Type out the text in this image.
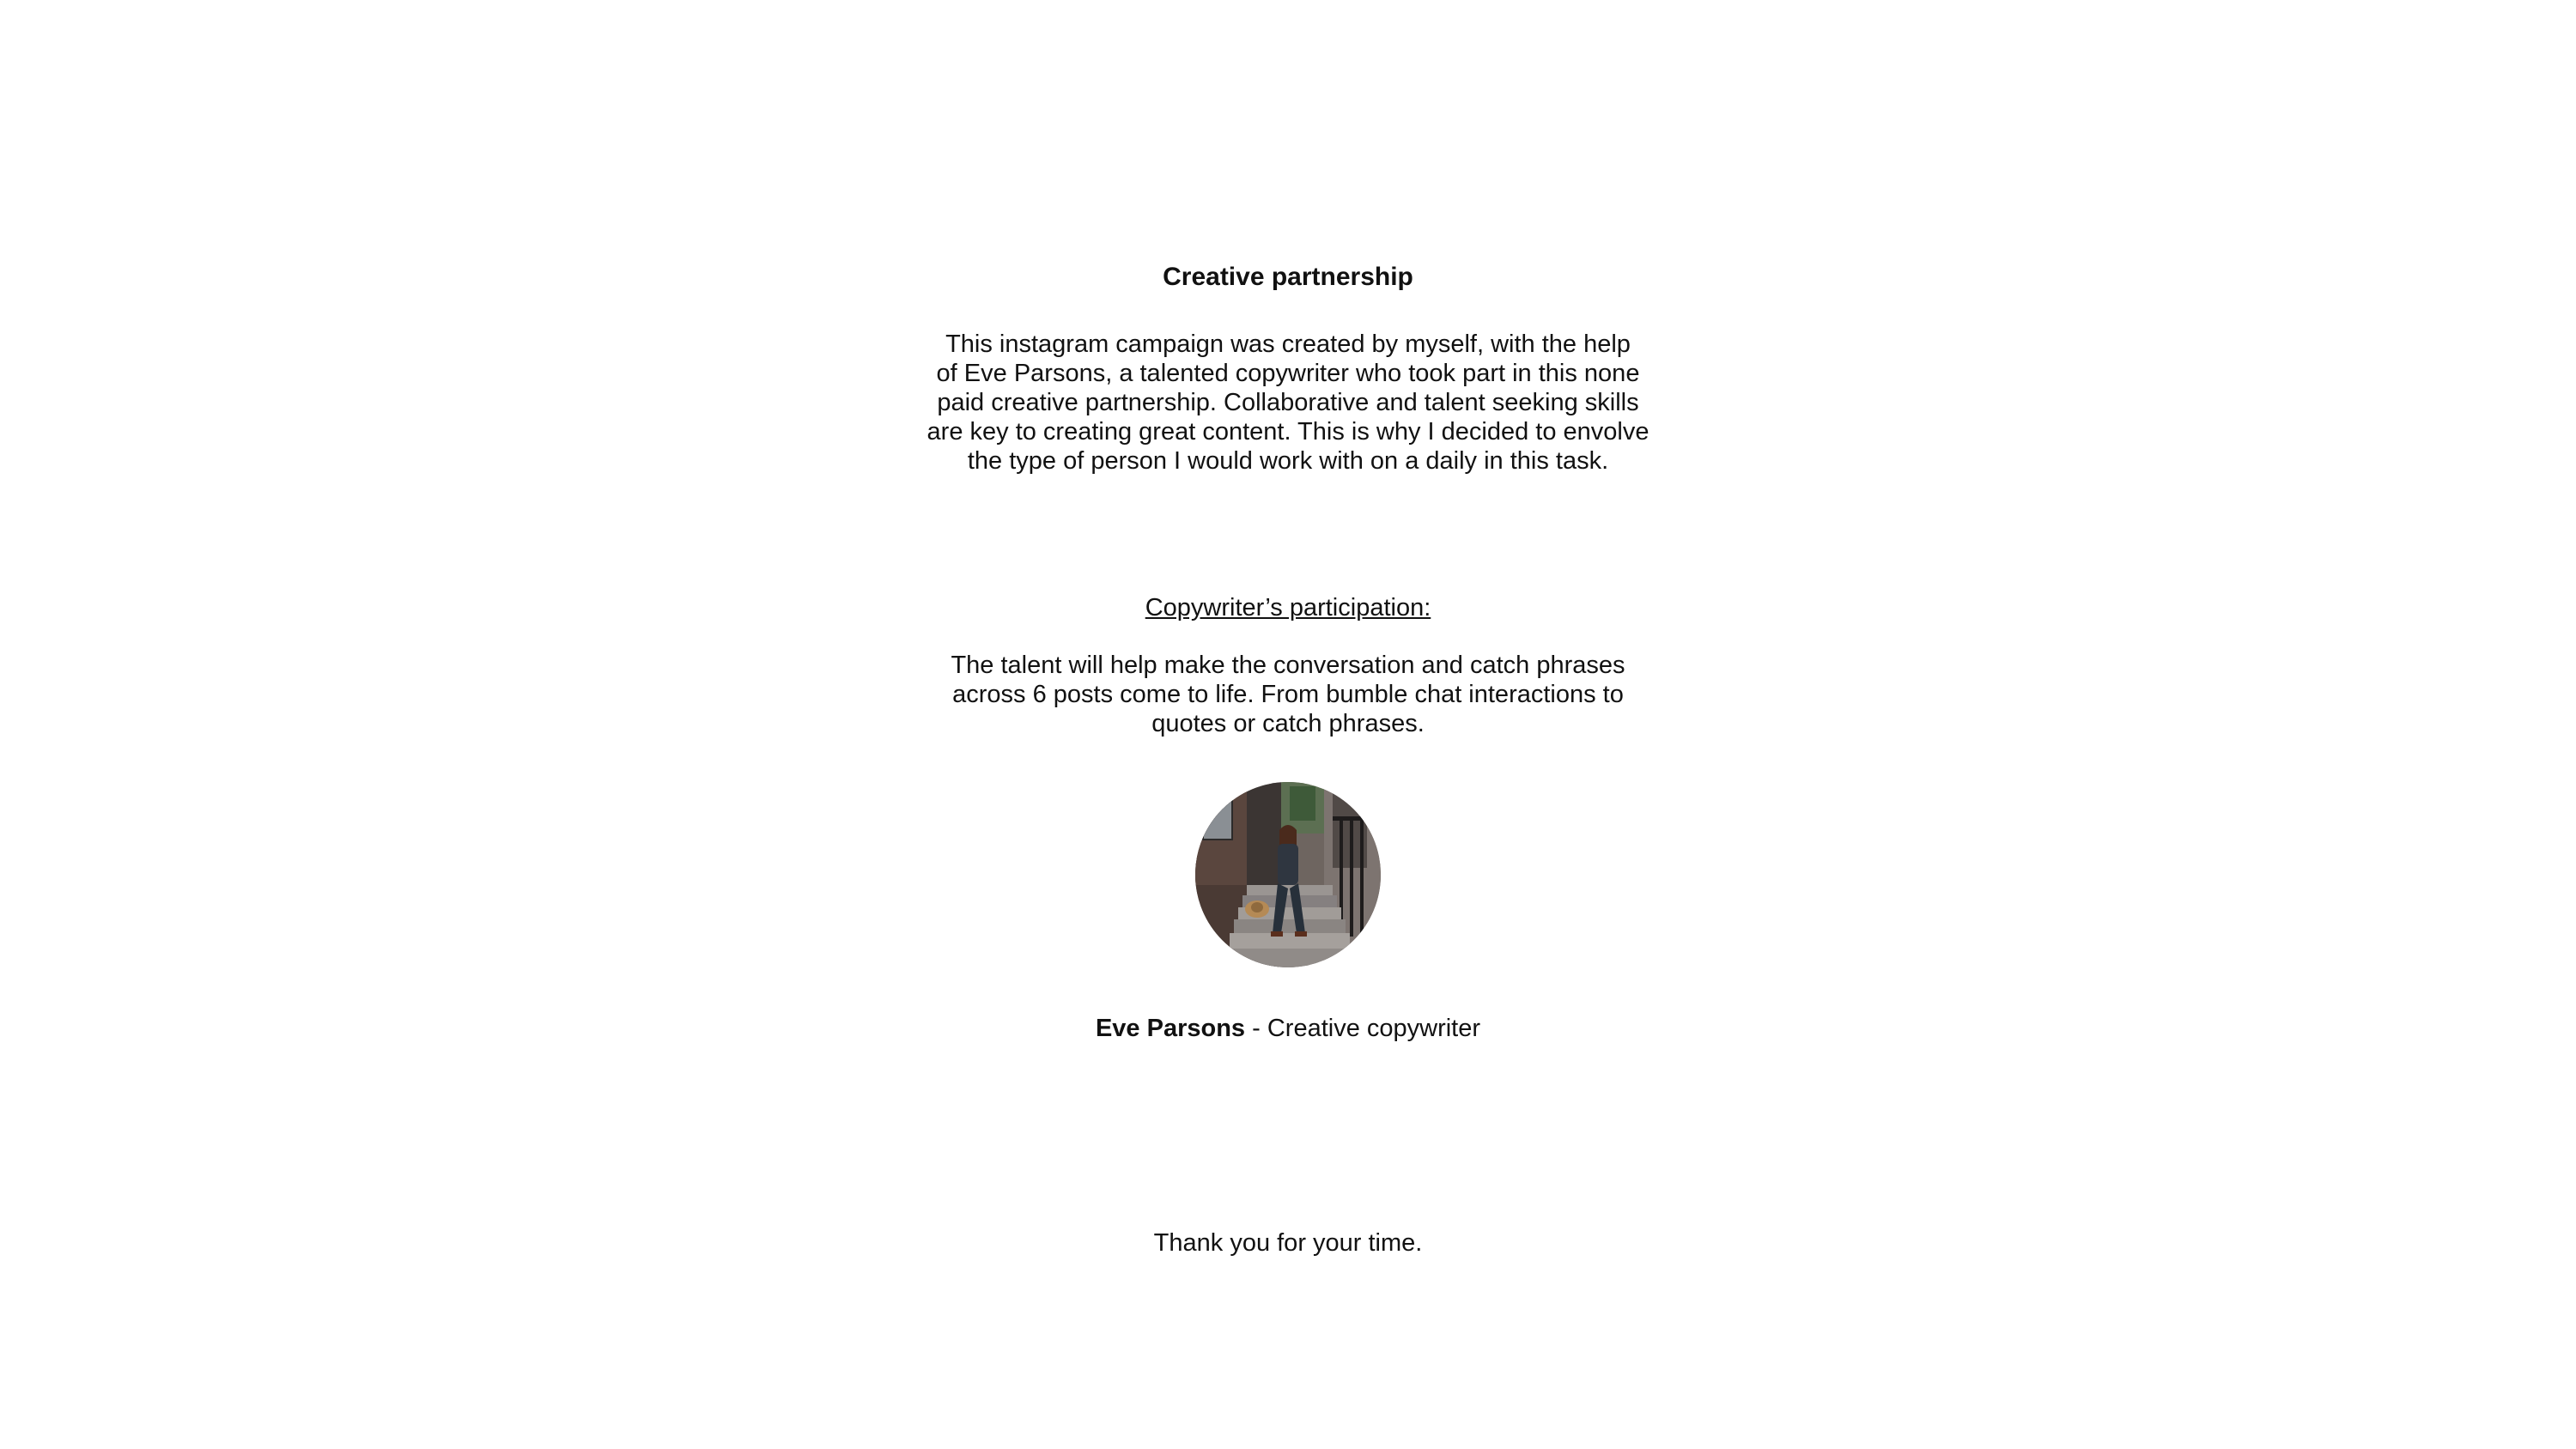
Creative partnership
This instagram campaign was created by myself, with the help
of Eve Parsons, a talented copywriter who took part in this none
paid creative partnership. Collaborative and talent seeking skills
are key to creating great content. This is why I decided to envolve
the type of person I would work with on a daily in this task.
Copywriter’s participation:
The talent will help make the conversation and catch phrases
across 6 posts come to life. From bumble chat interactions to
quotes or catch phrases.
Eve Parsons - Creative copywriter
Thank you for your time.
